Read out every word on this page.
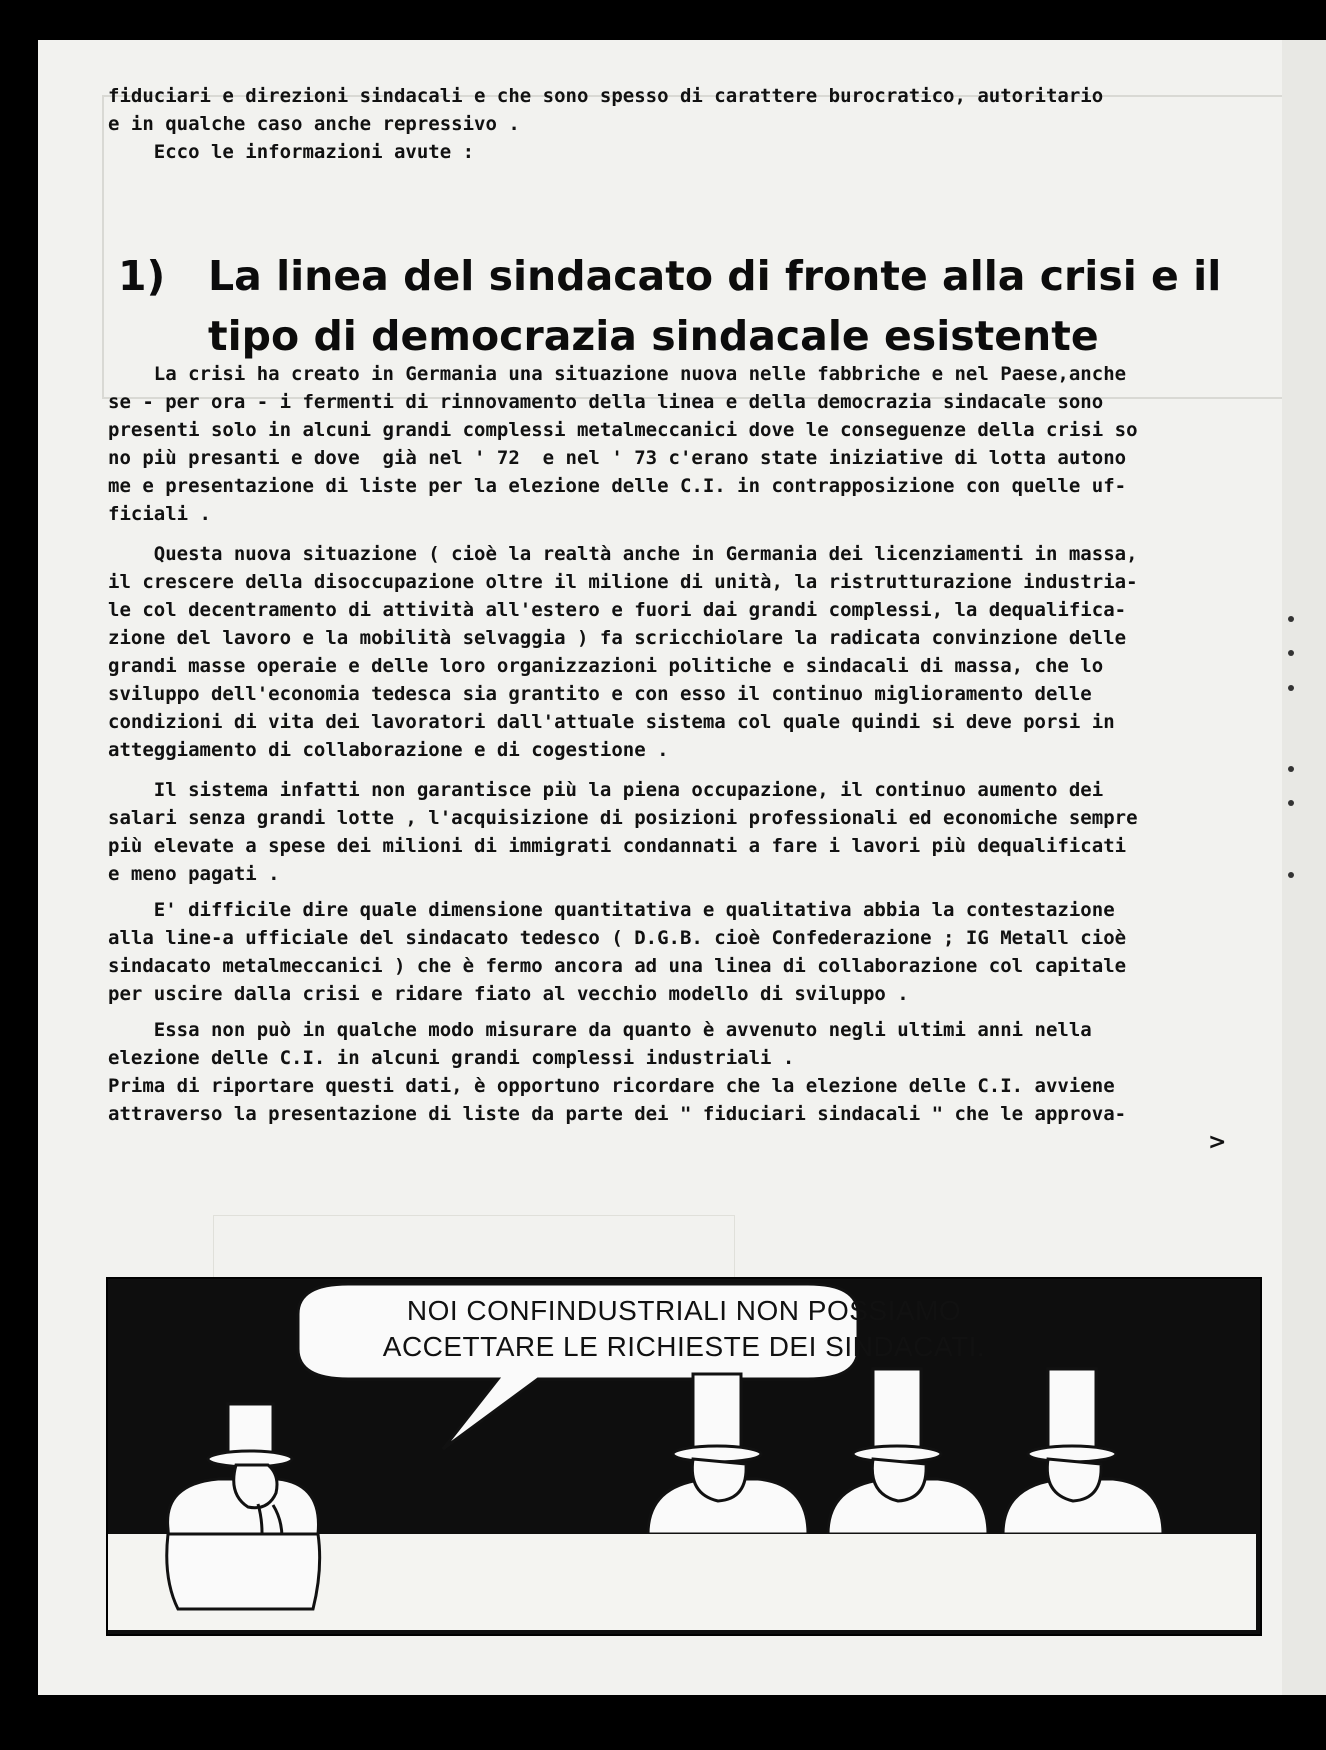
fiduciari e direzioni sindacali e che sono spesso di carattere burocratico, autoritario

e in qualche caso anche repressivo .

Ecco le informazioni avute :

1) La linea del sindacato di fronte alla crisi e il
tipo di democrazia sindacale esistente

La crisi ha creato in Germania una situazione nuova nelle fabbriche e nel Paese,anche

se - per ora - i fermenti di rinnovamento della linea e della democrazia sindacale sono

presenti solo in alcuni grandi complessi metalmeccanici dove le conseguenze della crisi so

no più presanti e dove  già nel ' 72  e nel ' 73 c'erano state iniziative di lotta autono

me e presentazione di liste per la elezione delle C.I. in contrapposizione con quelle uf-

ficiali .

Questa nuova situazione ( cioè la realtà anche in Germania dei licenziamenti in massa,

il crescere della disoccupazione oltre il milione di unità, la ristrutturazione industria-

le col decentramento di attività all'estero e fuori dai grandi complessi, la dequalifica-

zione del lavoro e la mobilità selvaggia ) fa scricchiolare la radicata convinzione delle

grandi masse operaie e delle loro organizzazioni politiche e sindacali di massa, che lo

sviluppo dell'economia tedesca sia grantito e con esso il continuo miglioramento delle

condizioni di vita dei lavoratori dall'attuale sistema col quale quindi si deve porsi in

atteggiamento di collaborazione e di cogestione .

Il sistema infatti non garantisce più la piena occupazione, il continuo aumento dei

salari senza grandi lotte , l'acquisizione di posizioni professionali ed economiche sempre

più elevate a spese dei milioni di immigrati condannati a fare i lavori più dequalificati

e meno pagati .

E' difficile dire quale dimensione quantitativa e qualitativa abbia la contestazione

alla line-a ufficiale del sindacato tedesco ( D.G.B. cioè Confederazione ; IG Metall cioè

sindacato metalmeccanici ) che è fermo ancora ad una linea di collaborazione col capitale

per uscire dalla crisi e ridare fiato al vecchio modello di sviluppo .

Essa non può in qualche modo misurare da quanto è avvenuto negli ultimi anni nella

elezione delle C.I. in alcuni grandi complessi industriali .

Prima di riportare questi dati, è opportuno ricordare che la elezione delle C.I. avviene

attraverso la presentazione di liste da parte dei " fiduciari sindacali " che le approva-

>

NOI CONFINDUSTRIALI NON POSSIAMO

ACCETTARE LE RICHIESTE DEI SINDACATI.
